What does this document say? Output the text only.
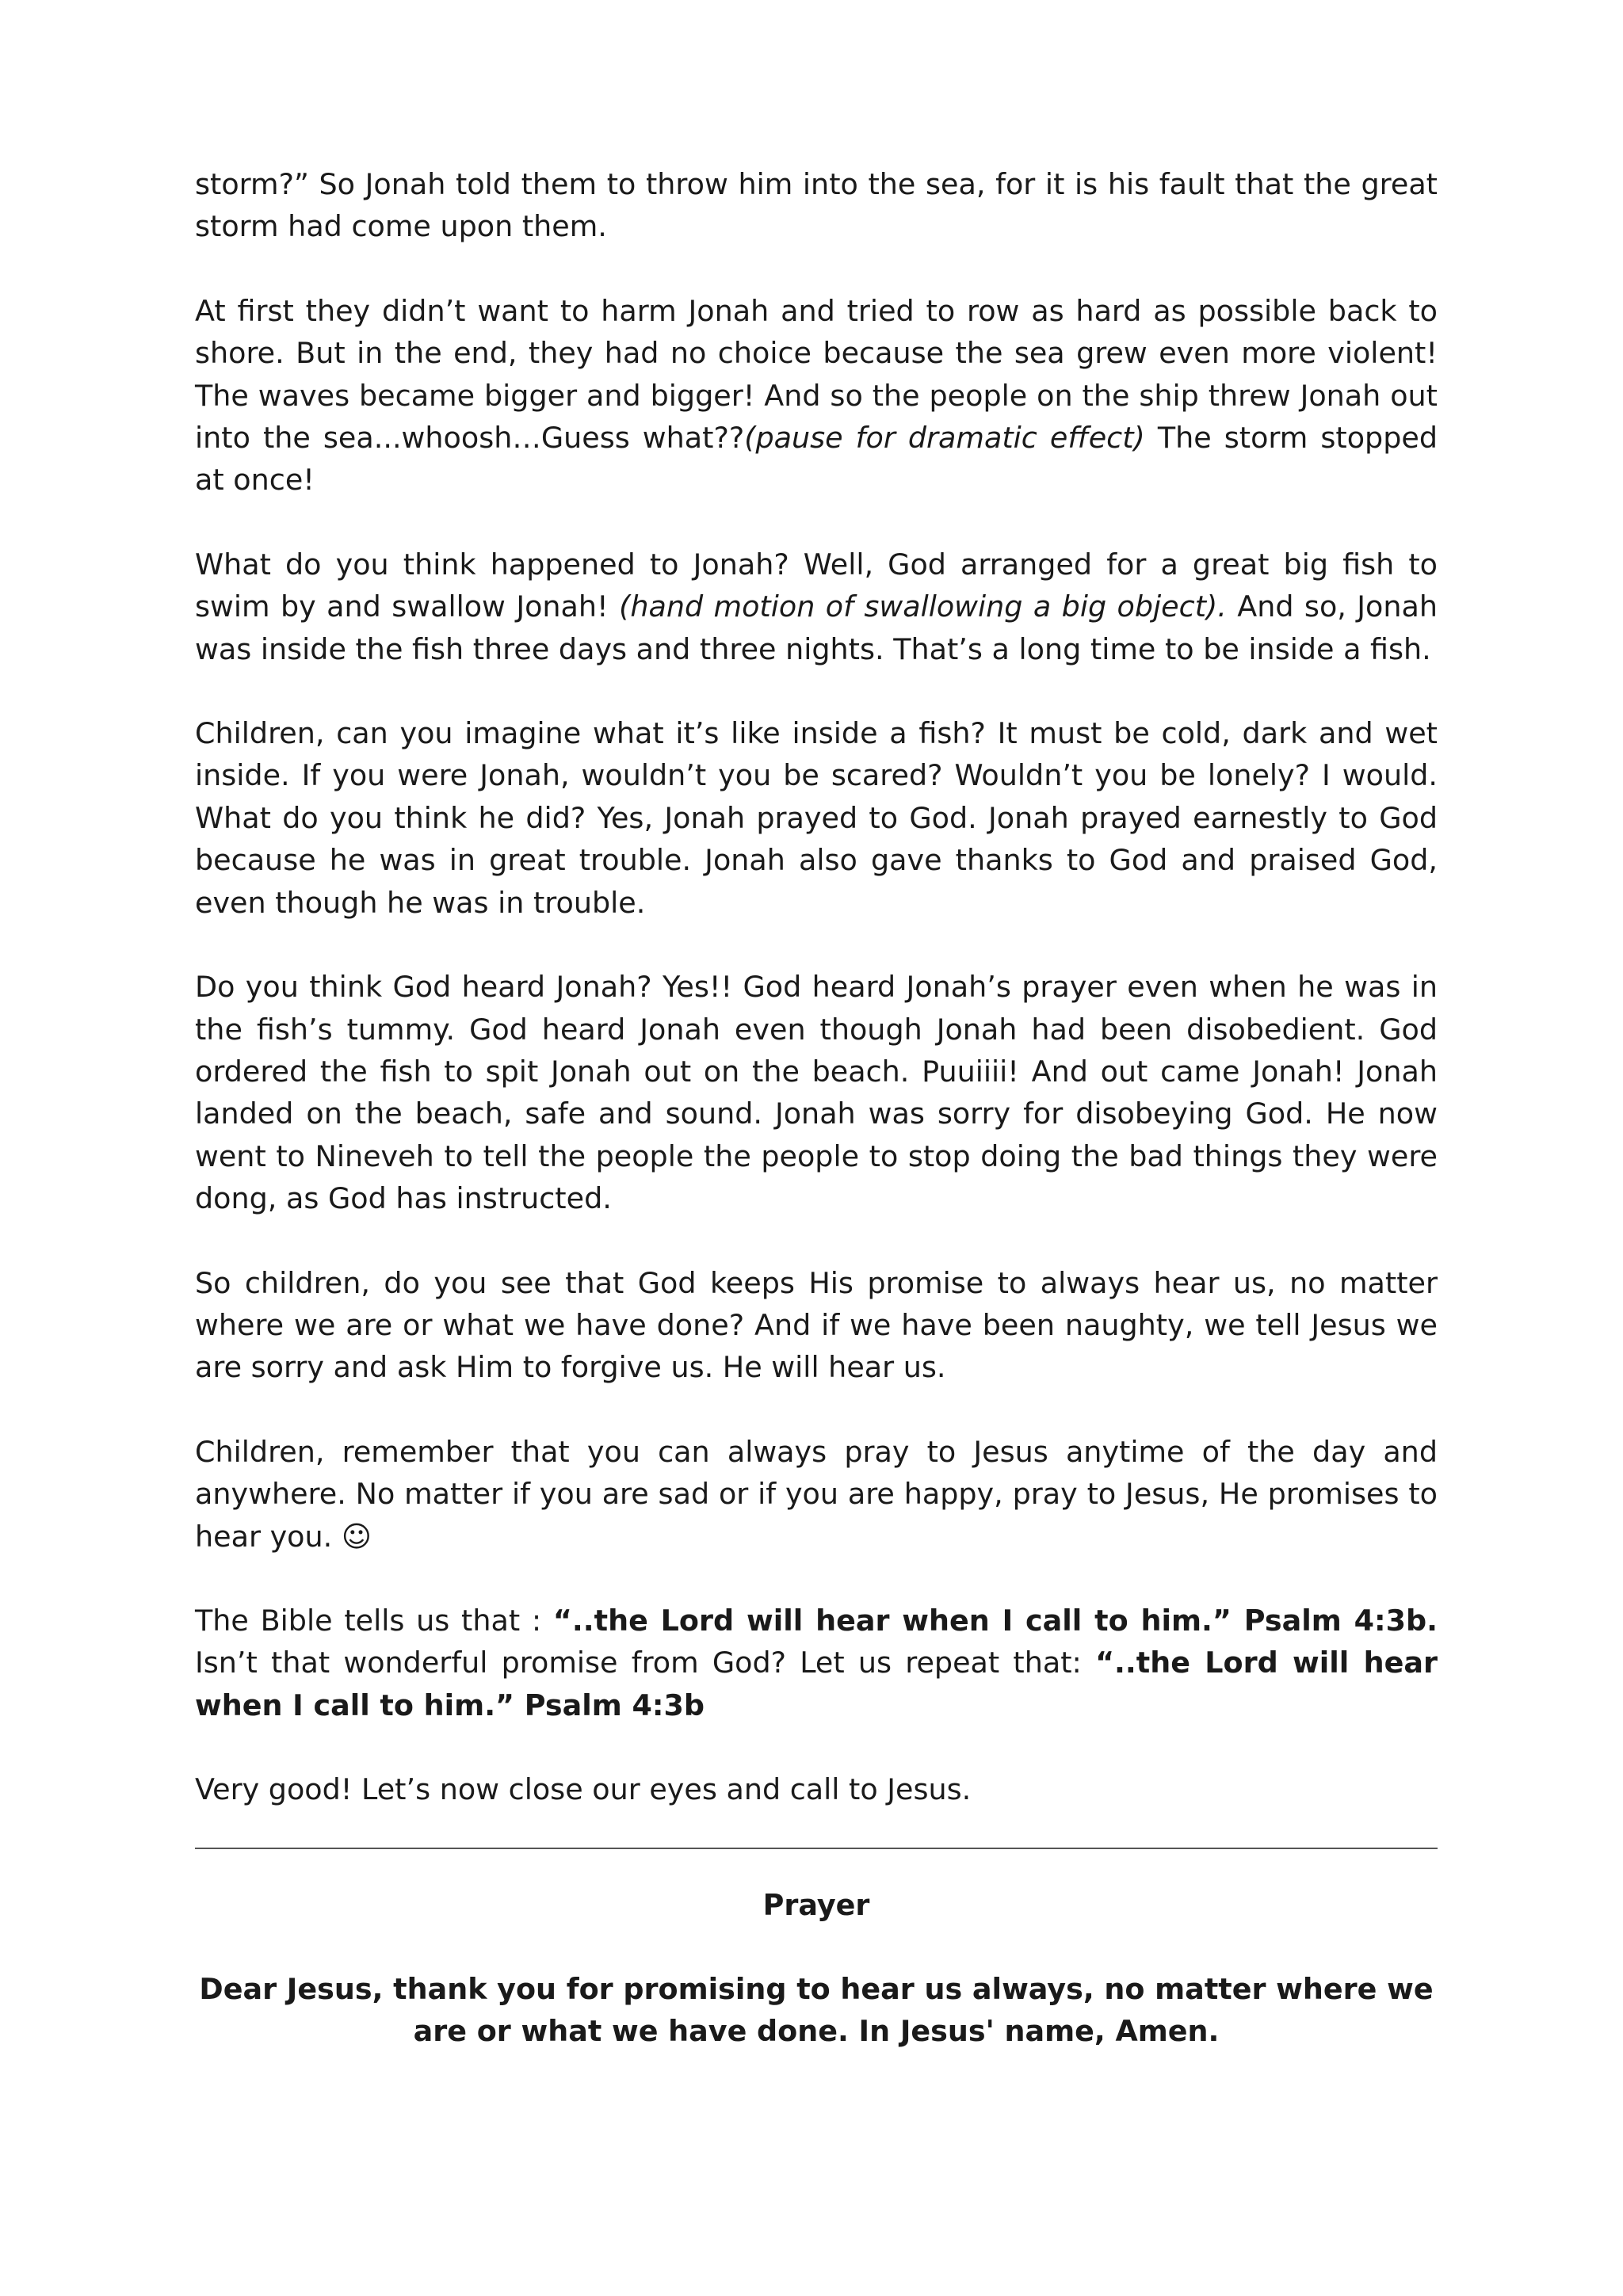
storm?” So Jonah told them to throw him into the sea, for it is his fault that the great storm had come upon them.

At first they didn’t want to harm Jonah and tried to row as hard as possible back to shore. But in the end, they had no choice because the sea grew even more violent! The waves became bigger and bigger! And so the people on the ship threw Jonah out into the sea...whoosh…Guess what??(pause for dramatic effect) The storm stopped at once!

What do you think happened to Jonah? Well, God arranged for a great big fish to swim by and swallow Jonah! (hand motion of swallowing a big object). And so, Jonah was inside the fish three days and three nights. That’s a long time to be inside a fish.

Children, can you imagine what it’s like inside a fish? It must be cold, dark and wet inside. If you were Jonah, wouldn’t you be scared? Wouldn’t you be lonely? I would. What do you think he did? Yes, Jonah prayed to God. Jonah prayed earnestly to God because he was in great trouble. Jonah also gave thanks to God and praised God, even though he was in trouble.

Do you think God heard Jonah? Yes!! God heard Jonah’s prayer even when he was in the fish’s tummy. God heard Jonah even though Jonah had been disobedient. God ordered the fish to spit Jonah out on the beach. Puuiiii! And out came Jonah! Jonah landed on the beach, safe and sound. Jonah was sorry for disobeying God. He now went to Nineveh to tell the people the people to stop doing the bad things they were dong, as God has instructed.

So children, do you see that God keeps His promise to always hear us, no matter where we are or what we have done? And if we have been naughty, we tell Jesus we are sorry and ask Him to forgive us. He will hear us.

Children, remember that you can always pray to Jesus anytime of the day and anywhere. No matter if you are sad or if you are happy, pray to Jesus, He promises to hear you. ☺

The Bible tells us that : “..the Lord will hear when I call to him.” Psalm 4:3b. Isn’t that wonderful promise from God? Let us repeat that: “..the Lord will hear when I call to him.” Psalm 4:3b

Very good! Let’s now close our eyes and call to Jesus.

Prayer

Dear Jesus, thank you for promising to hear us always, no matter where we are or what we have done. In Jesus' name, Amen.
